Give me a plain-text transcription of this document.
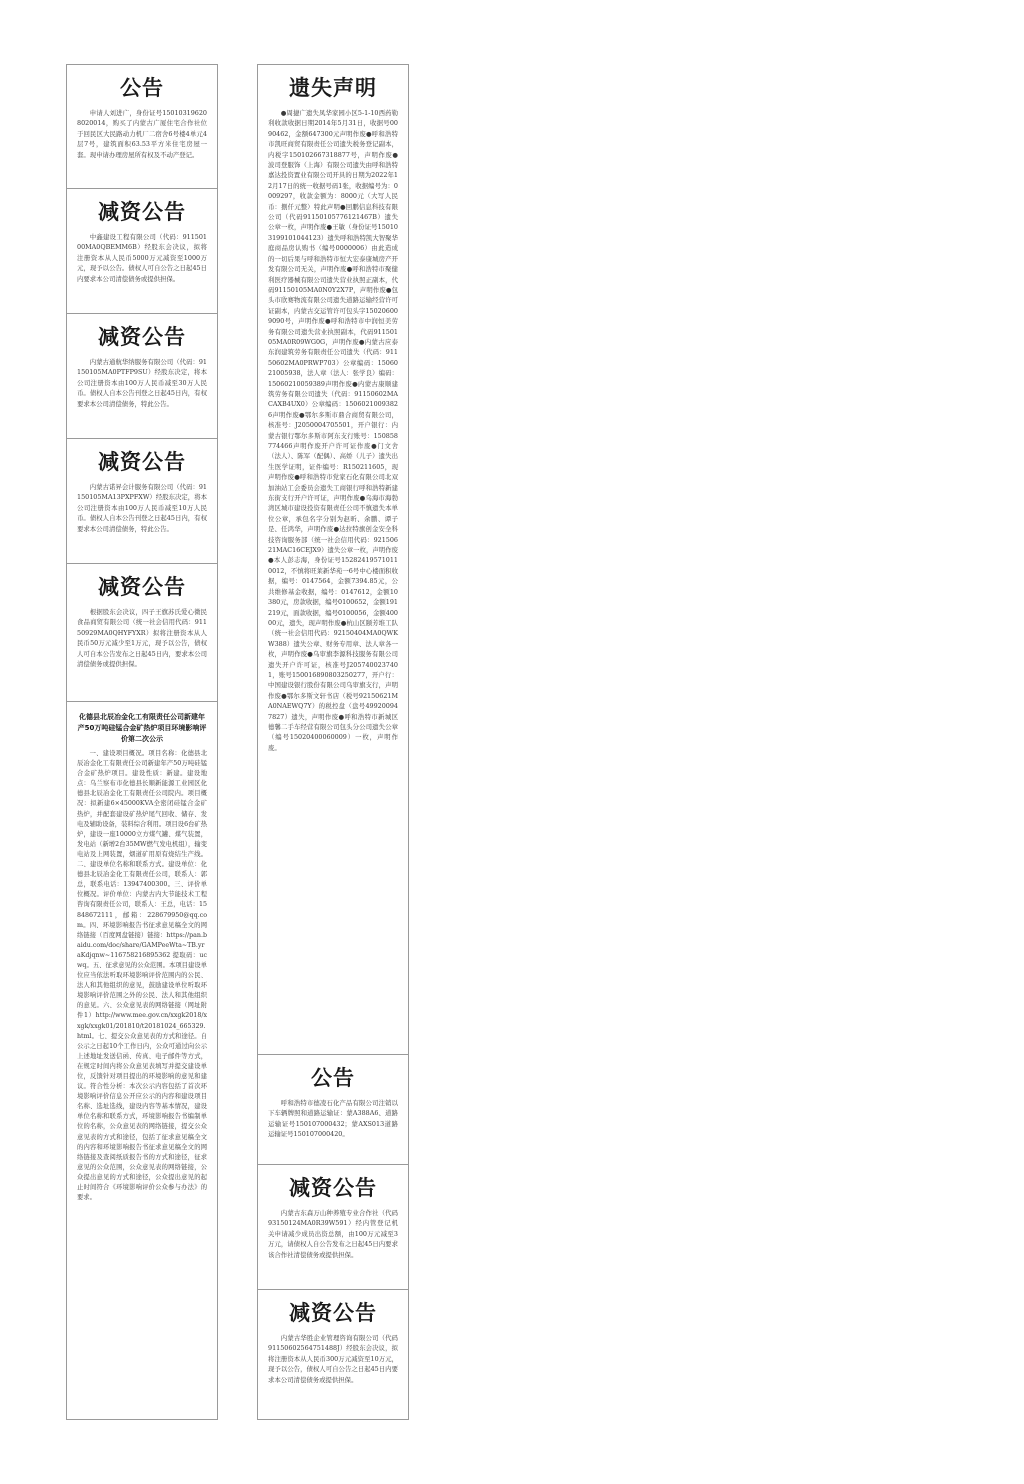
公告

申请人刘进广，身份证号150103196208020014，购买了内蒙古广厦住宅合作社位于回民区大民路动力机厂二宿舍6号楼4单元4层7号，建筑面积63.53平方米住宅房屋一套。现申请办理房屋所有权及不动产登记。

减资公告

中鑫建设工程有限公司（代码：91150100MA0QBEMM6B）经股东会决议，拟将注册资本从人民币5000万元减资至1000万元，现予以公告。债权人可自公告之日起45日内要求本公司清偿债务或提供担保。

减资公告

内蒙古通航华纳服务有限公司（代码：91150105MA0PTFP9SU）经股东决定，将本公司注册资本由100万人民币减至30万人民币。债权人自本公告刊登之日起45日内，有权要求本公司清偿债务，特此公告。

减资公告

内蒙古诺昇会计服务有限公司（代码：91150105MA13PXPFXW）经股东决定，将本公司注册资本由100万人民币减至10万人民币。债权人自本公告刊登之日起45日内，有权要求本公司清偿债务，特此公告。

减资公告

根据股东会决议，四子王旗苏氏爱心微民食品商贸有限公司（统一社会信用代码：91150929MA0QHYFYXR）拟将注册资本从人民币50万元减少至1万元，现予以公告，债权人可自本公告发布之日起45日内，要求本公司清偿债务或提供担保。

化德县北辰冶金化工有限责任公司新建年产50万吨硅锰合金矿热炉项目环境影响评价第二次公示

一、建设项目概况。项目名称：化德县北辰冶金化工有限责任公司新建年产50万吨硅锰合金矿热炉项目。建设性质：新建。建设地点：乌兰察布市化德县长顺新能源工业园区化德县北辰冶金化工有限责任公司院内。项目概况：拟新建6×45000KVA全密闭硅锰合金矿热炉，并配套建设矿热炉尾气回收、储存、发电及辅助设备，装料综合利用。项目设6台矿热炉，建设一座10000立方煤气罐、煤气装置，发电站（新增2台35MW燃气发电机组），输变电站及上网装置，烟道矿用原有烧结生产线。二、建设单位名称和联系方式。建设单位：化德县北辰冶金化工有限责任公司，联系人：郭总，联系电话：13947400300。三、评价单位概况。评价单位：内蒙古内大节能技术工程咨询有限责任公司，联系人：王总，电话：15848672111，邮箱：228679950@qq.com。四、环境影响报告书征求意见稿全文的网络链接（百度网盘链接）链接：https://pan.baidu.com/doc/share/GAMPeeWta~TB.yraKdjqnw~116758216895362 提取码：ucwq。五、征求意见的公众范围。本项目建设单位应当依法听取环境影响评价范围内的公民、法人和其他组织的意见，鼓励建设单位听取环境影响评价范围之外的公民、法人和其他组织的意见。六、公众意见表的网络链接（网址附件1）http://www.mee.gov.cn/xxgk2018/xxgk/xxgk01/201810/t20181024_665329.html。七、提交公众意见表的方式和途径。自公示之日起10个工作日内，公众可通过向公示上述地址发送信函、传真、电子邮件等方式，在规定时间内将公众意见表填写并提交建设单位，反馈针对项目提出的环境影响的意见和建议。符合性分析：本次公示内容包括了首次环境影响评价信息公开应公示的内容和建设项目名称、选址选线，建设内容等基本情况，建设单位名称和联系方式，环境影响报告书编制单位的名称，公众意见表的网络链接，提交公众意见表的方式和途径，包括了征求意见稿全文的内容和环境影响报告书征求意见稿全文的网络链接及查阅纸质报告书的方式和途径，征求意见的公众范围，公众意见表的网络链接，公众提出意见的方式和途径，公众提出意见的起止时间符合《环境影响评价公众参与办法》的要求。

遗失声明

●周捷广遗失凤华家园小区5-1-10西药勒利收款收据日期2014年5月31日，收据号0090462，金额647300元声明作废●呼和浩特市凯旺商贸有限责任公司遗失税务登记副本，内税字150102667318877号，声明作废●波司登服饰（上海）有限公司遗失由呼和浩特嘉达投资置业有限公司开具的日期为2022年12月17日的统一收据号码1张，收据编号为：0009297，收款金额为：8000元（大写人民币：捌仟元整）特此声明●回鹏信息科技有限公司（代码91150105776121467B）遗失公章一枚，声明作废●王敏（身份证号150103199101044123）遗失呼和浩特凯大智聚华庭商品房认购书（编号0000006）由此造成的一切后果与呼和浩特市恒大宏泰康城房产开发有限公司无关，声明作废●呼和浩特市聚健利医疗器械有限公司遗失营业执照正副本，代码91150105MA0N0Y2X7P，声明作废●包头市欣赛物流有限公司遗失道路运输经营许可证副本，内蒙古交运管许可包头字150206009090号，声明作废●呼和浩特市中润恒美劳务有限公司遗失营业执照副本，代码91150105MA0R09WG0G，声明作废●内蒙古应泰东润建筑劳务有限责任公司遗失（代码：91150602MA0PRWP703）公章编码：1506021005938，法人章（法人：张学良）编码：15060210059389声明作废●内蒙古康顺建筑劳务有限公司遗失（代码：91150602MACAXB4UX0）公章编码：15060210093826声明作废●鄂尔多斯市鼎合商贸有限公司，核准号：J2050004705501，开户银行：内蒙古银行鄂尔多斯市阿东支行账号：150858774466声明作废开户许可证作废●门文舍（法人）、陈军（配偶）、高娇（儿子）遗失出生医学证明，证件编号：R150211605，现声明作废●呼和浩特市党家石化有限公司北双加油站工会委员会遗失工商银行呼和浩特新建东街支行开户许可证，声明作废●乌海市海勃湾区城市建设投资有限责任公司不慎遗失本单位公章，承包名字分别为赵昕、余鹏、谭子是、任鸿华，声明作废●达拉特旗创金安全科技咨询服务部（统一社会信用代码：92150621MAC16CEJX9）遗失公章一枚，声明作废●本人彭志海，身份证号152824195710110012，不慎将旺莱新华苑一6号中心楼面积收据，编号：0147564，金额7394.85元，公共维修基金收据，编号：0147612，金额10380元，房款收据，编号0100652，金额191219元，面款收据，编号0100056，金额40000元，遗失，现声明作废●杭山区颐芳堆工队（统一社会信用代码：92150404MA0QWKW388）遗失公章、财务专用章、法人章各一枚，声明作废●乌审旗李源科技服务有限公司遗失开户许可证，核准号J2057400237401，账号150016890803250277，开户行：中国建设银行股份有限公司乌审旗支行，声明作废●鄂尔多斯文轩书店（税号92150621MA0NAEWQ7Y）的税控盘（盘号499200947827）遗失，声明作废●呼和浩特市新城区德馨二手车经营有限公司包头分公司遗失公章（编号15020400060009）一枚，声明作废。

公告

呼和浩特市德凌石化产品有限公司注销以下车辆牌照和道路运输证：蒙A388A6、道路运输证号150107000432；蒙AXS013道路运输证号150107000420。

减资公告

内蒙古东森万山种养殖专业合作社（代码93150124MA0R39W591）经内管登记机关申请减少成员出资总额，由100万元减至3万元，请债权人自公告发布之日起45日内要求该合作社清偿债务或提供担保。

减资公告

内蒙古华胜企业管理咨询有限公司（代码91150602564751488J）经股东会决议，拟将注册资本从人民币300万元减资至10万元，现予以公告，债权人可自公告之日起45日内要求本公司清偿债务或提供担保。
